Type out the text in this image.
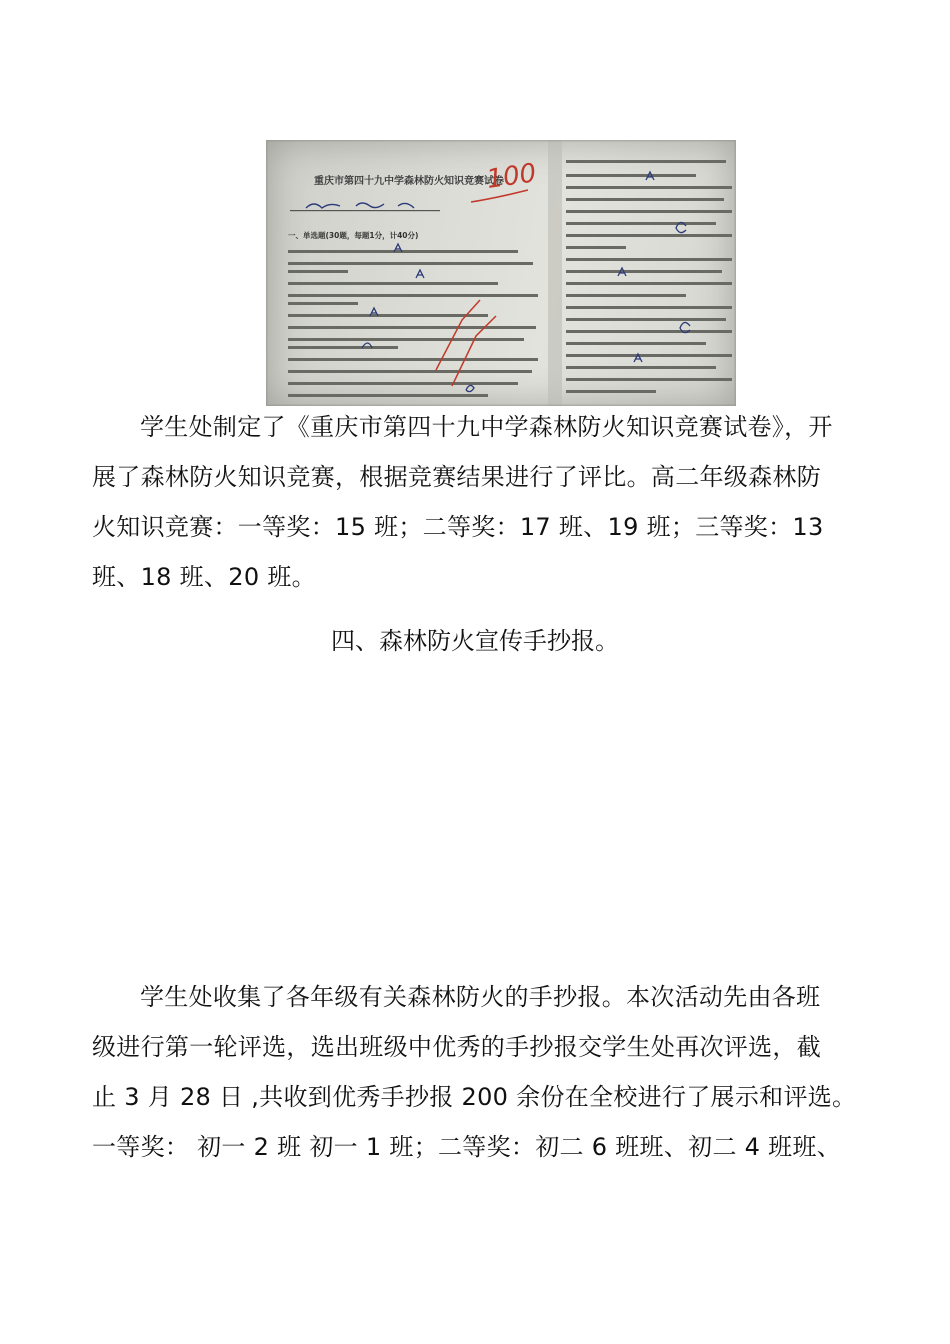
重庆市第四十九中学森林防火知识竞赛试卷
100
一、单选题(30题，每题1分，计40分)

学生处制定了《重庆市第四十九中学森林防火知识竞赛试卷》，开
展了森林防火知识竞赛，根据竞赛结果进行了评比。高二年级森林防
火知识竞赛：一等奖：15 班；二等奖：17 班、19 班；三等奖：13
班、18 班、20 班。

四、森林防火宣传手抄报。

学生处收集了各年级有关森林防火的手抄报。本次活动先由各班
级进行第一轮评选，选出班级中优秀的手抄报交学生处再次评选，截
止 3 月 28 日 ,共收到优秀手抄报 200 余份在全校进行了展示和评选。
一等奖： 初一 2 班 初一 1 班；二等奖：初二 6 班班、初二 4 班班、
